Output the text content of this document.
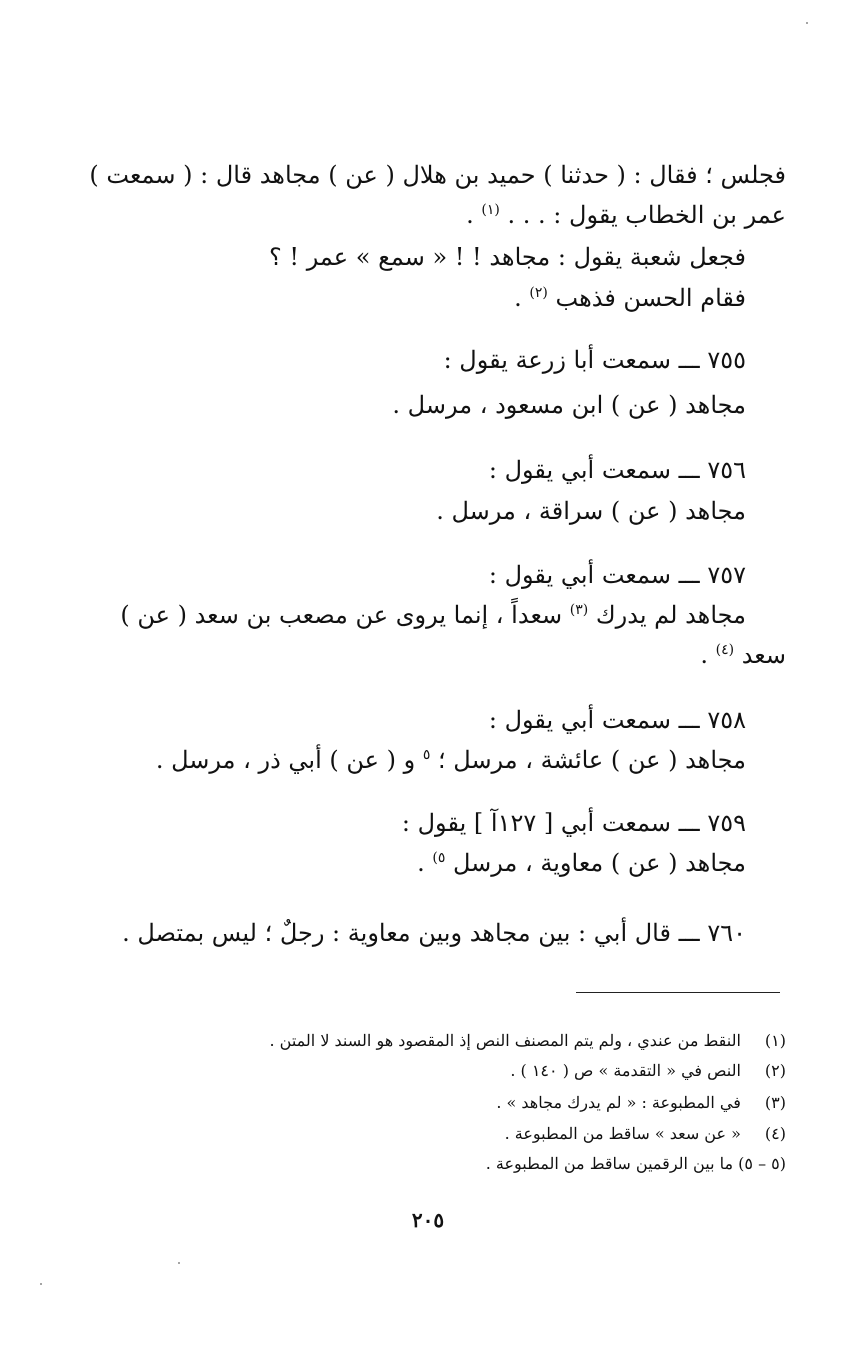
فجلس ؛ فقال : ( حدثنا ) حميد بن هلال ( عن ) مجاهد قال : ( سمعت )
عمر بن الخطاب يقول : . . . $^{(١)}$ .
فجعل شعبة يقول : مجاهد ! ! « سمع » عمر ! ؟
فقام الحسن فذهب $^{(٢)}$ .
٧٥٥ ـــ سمعت أبا زرعة يقول :
مجاهد ( عن ) ابن مسعود ، مرسل .
٧٥٦ ـــ سمعت أبي يقول :
مجاهد ( عن ) سراقة ، مرسل .
٧٥٧ ـــ سمعت أبي يقول :
مجاهد لم يدرك $^{(٣)}$ سعداً ، إنما يروى عن مصعب بن سعد ( عن )
سعد $^{(٤)}$ .
٧٥٨ ـــ سمعت أبي يقول :
مجاهد ( عن ) عائشة ، مرسل ؛ $^٥$ و ( عن ) أبي ذر ، مرسل .
٧٥٩ ـــ سمعت أبي [ ١٢٧آ ] يقول :
مجاهد ( عن ) معاوية ، مرسل $^{٥)}$ .
٧٦٠ ـــ قال أبي : بين مجاهد وبين معاوية : رجلٌ ؛ ليس بمتصل .
(١) النقط من عندي ، ولم يتم المصنف النص إذ المقصود هو السند لا المتن .
(٢) النص في « التقدمة » ص ( ١٤٠ ) .
(٣) في المطبوعة : « لم يدرك مجاهد » .
(٤) « عن سعد » ساقط من المطبوعة .
(٥ – ٥) ما بين الرقمين ساقط من المطبوعة .
٢٠٥
